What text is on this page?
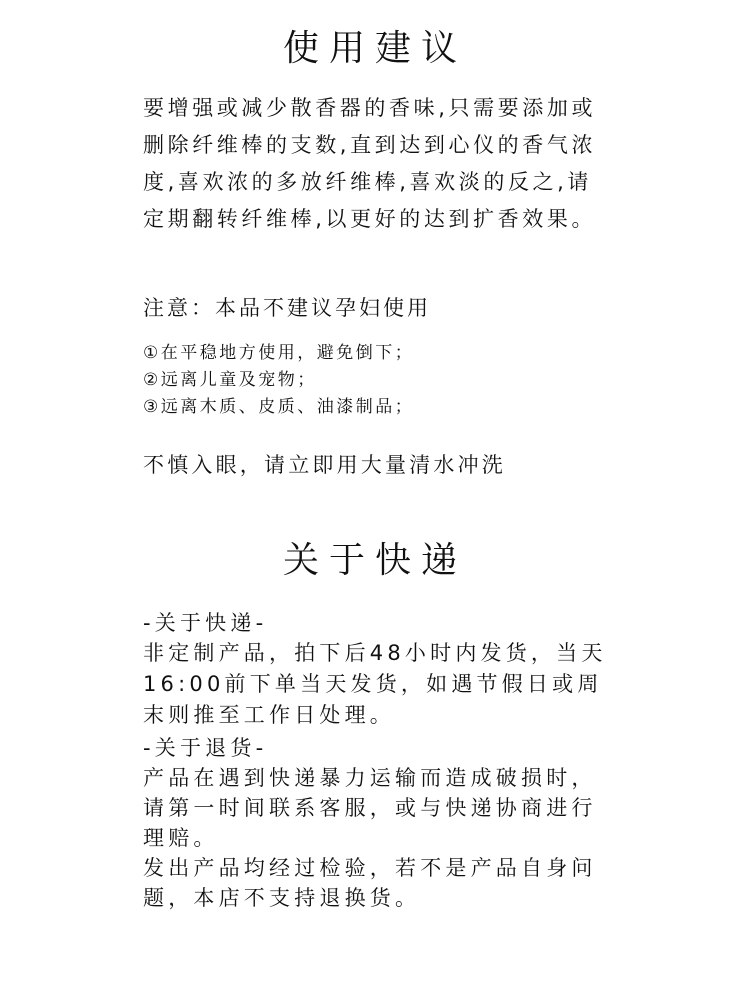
使用建议

要增强或减少散香器的香味,只需要添加或删除纤维棒的支数,直到达到心仪的香气浓度,喜欢浓的多放纤维棒,喜欢淡的反之,请定期翻转纤维棒,以更好的达到扩香效果。

注意：本品不建议孕妇使用

①在平稳地方使用，避免倒下；
②远离儿童及宠物；
③远离木质、皮质、油漆制品；

不慎入眼，请立即用大量清水冲洗

关于快递
-关于快递-

非定制产品，拍下后48小时内发货，当天16:00前下单当天发货，如遇节假日或周末则推至工作日处理。

-关于退货-

产品在遇到快递暴力运输而造成破损时，请第一时间联系客服，或与快递协商进行理赔。

发出产品均经过检验，若不是产品自身问题，本店不支持退换货。
